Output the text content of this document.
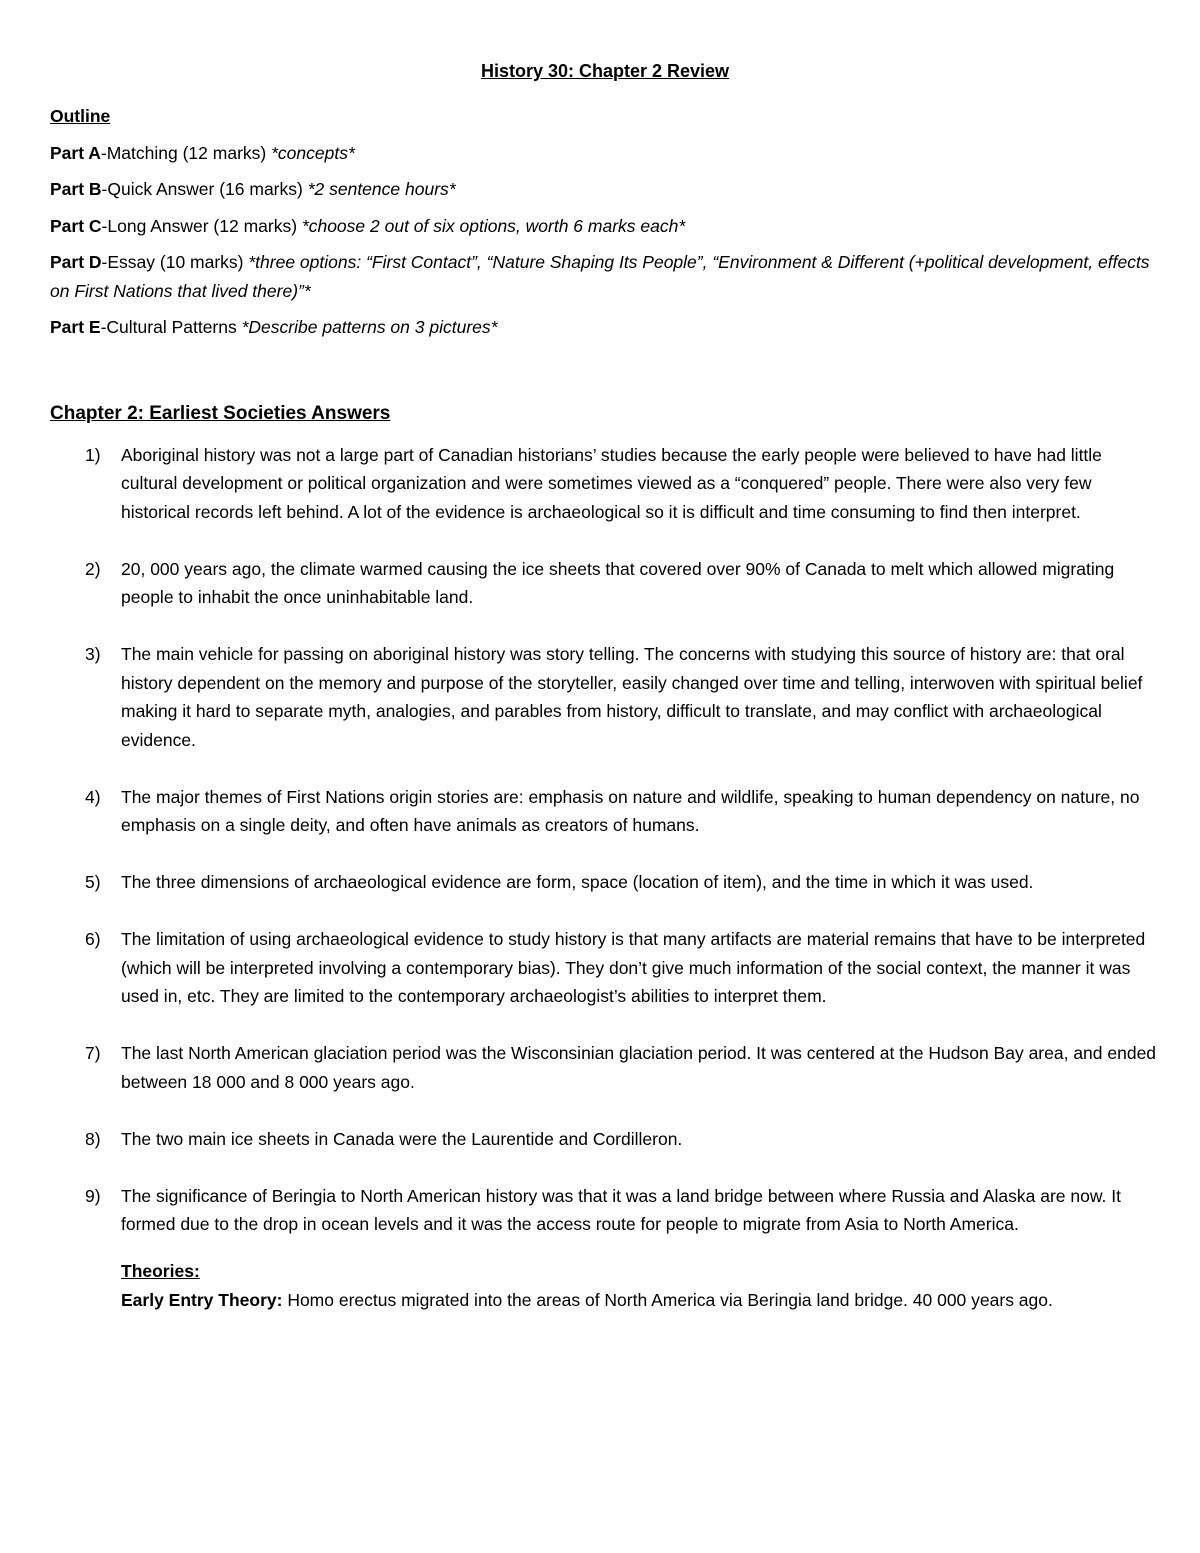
History 30: Chapter 2 Review
Outline
Part A-Matching (12 marks) *concepts*
Part B-Quick Answer (16 marks) *2 sentence hours*
Part C-Long Answer (12 marks) *choose 2 out of six options, worth 6 marks each*
Part D-Essay (10 marks) *three options: “First Contact”, “Nature Shaping Its People”, “Environment & Different (+political development, effects on First Nations that lived there)”*
Part E-Cultural Patterns *Describe patterns on 3 pictures*
Chapter 2: Earliest Societies Answers
1) Aboriginal history was not a large part of Canadian historians’ studies because the early people were believed to have had little cultural development or political organization and were sometimes viewed as a “conquered” people. There were also very few historical records left behind. A lot of the evidence is archaeological so it is difficult and time consuming to find then interpret.
2) 20, 000 years ago, the climate warmed causing the ice sheets that covered over 90% of Canada to melt which allowed migrating people to inhabit the once uninhabitable land.
3) The main vehicle for passing on aboriginal history was story telling. The concerns with studying this source of history are: that oral history dependent on the memory and purpose of the storyteller, easily changed over time and telling, interwoven with spiritual belief making it hard to separate myth, analogies, and parables from history, difficult to translate, and may conflict with archaeological evidence.
4) The major themes of First Nations origin stories are: emphasis on nature and wildlife, speaking to human dependency on nature, no emphasis on a single deity, and often have animals as creators of humans.
5) The three dimensions of archaeological evidence are form, space (location of item), and the time in which it was used.
6) The limitation of using archaeological evidence to study history is that many artifacts are material remains that have to be interpreted (which will be interpreted involving a contemporary bias). They don’t give much information of the social context, the manner it was used in, etc. They are limited to the contemporary archaeologist’s abilities to interpret them.
7) The last North American glaciation period was the Wisconsinian glaciation period. It was centered at the Hudson Bay area, and ended between 18 000 and 8 000 years ago.
8) The two main ice sheets in Canada were the Laurentide and Cordilleron.
9) The significance of Beringia to North American history was that it was a land bridge between where Russia and Alaska are now. It formed due to the drop in ocean levels and it was the access route for people to migrate from Asia to North America.
Theories:
Early Entry Theory: Homo erectus migrated into the areas of North America via Beringia land bridge. 40 000 years ago.
